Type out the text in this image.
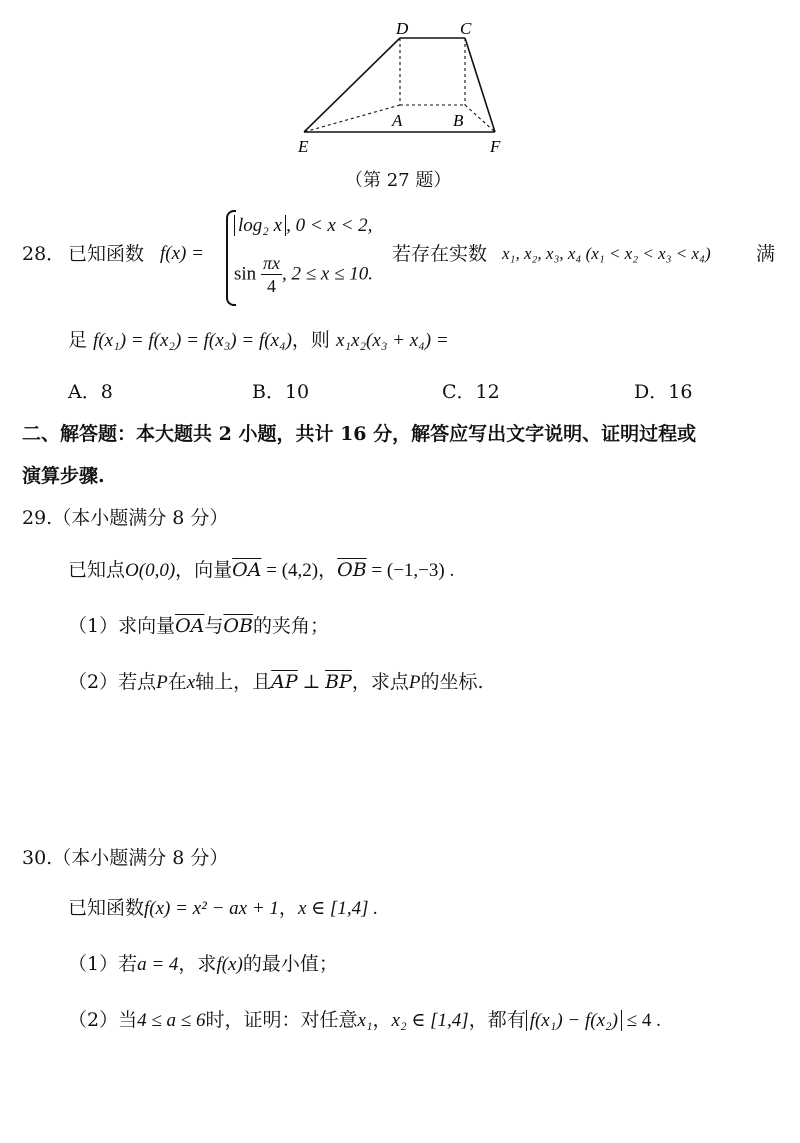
D	C
A	B
E	F
（第 27 题）
28． 已知函数 f(x) =
log₂ x , 0 < x < 2,
$\sin \frac{\pi x}{4}$ , 2 ≤ x ≤ 10.
若存在实数 x₁, x₂, x₃, x₄ (x₁ < x₂ < x₃ < x₄) 满
足 f(x₁) = f(x₂) = f(x₃) = f(x₄)，则 x₁x₂(x₃ + x₄) =
A．8	B．10	C．12	D．16
二、解答题：本大题共 2 小题，共计 16 分，解答应写出文字说明、证明过程或
演算步骤.
29.（本小题满分 8 分）
已知点O(0,0)，向量$\overline{OA} = (4,2)$，$\overline{OB} = (-1,-3)$ .
（1）求向量$\overline{OA}$与$\overline{OB}$的夹角；
（2）若点P在x轴上，且$\overline{AP}$ ⊥ $\overline{BP}$，求点P的坐标.
30.（本小题满分 8 分）
已知函数f(x) = x² − ax + 1，x ∈ [1,4] .
（1）若a = 4，求f(x)的最小值；
（2）当4 ≤ a ≤ 6时，证明：对任意x₁，x₂ ∈ [1,4]，都有 f(x₁) − f(x₂) ≤ 4 .
